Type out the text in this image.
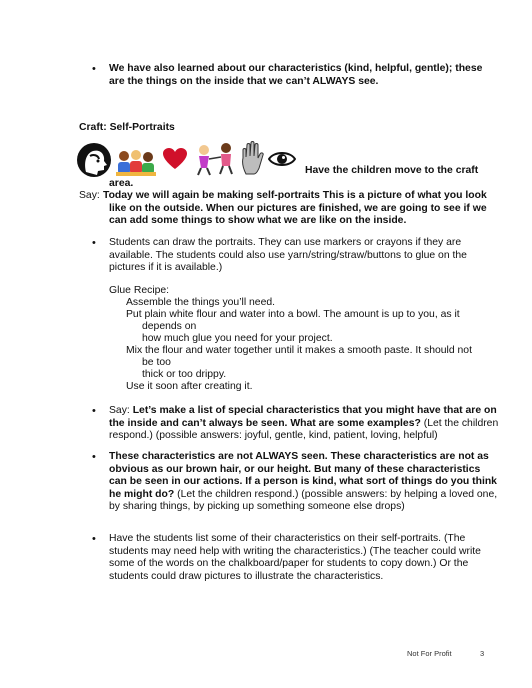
• We have also learned about our characteristics (kind, helpful, gentle); these are the things on the inside that we can’t ALWAYS see.
Craft: Self-Portraits
Have the children move to the craft
area.
Say: Today we will again be making self-portraits This is a picture of what you look like on the outside. When our pictures are finished, we are going to see if we can add some things to show what we are like on the inside.
• Students can draw the portraits. They can use markers or crayons if they are available. The students could also use yarn/string/straw/buttons to glue on the pictures if it is available.)
Glue Recipe:
Assemble the things you’ll need.
Put plain white flour and water into a bowl. The amount is up to you, as it
depends on
how much glue you need for your project.
Mix the flour and water together until it makes a smooth paste. It should not
be too
thick or too drippy.
Use it soon after creating it.
• Say: Let’s make a list of special characteristics that you might have that are on the inside and can’t always be seen. What are some examples? (Let the children respond.) (possible answers: joyful, gentle, kind, patient, loving, helpful)
• These characteristics are not ALWAYS seen. These characteristics are not as obvious as our brown hair, or our height. But many of these characteristics can be seen in our actions. If a person is kind, what sort of things do you think he might do? (Let the children respond.) (possible answers: by helping a loved one, by sharing things, by picking up something someone else drops)
• Have the students list some of their characteristics on their self-portraits. (The students may need help with writing the characteristics.) (The teacher could write some of the words on the chalkboard/paper for students to copy down.) Or the students could draw pictures to illustrate the characteristics.
Not For Profit	3
